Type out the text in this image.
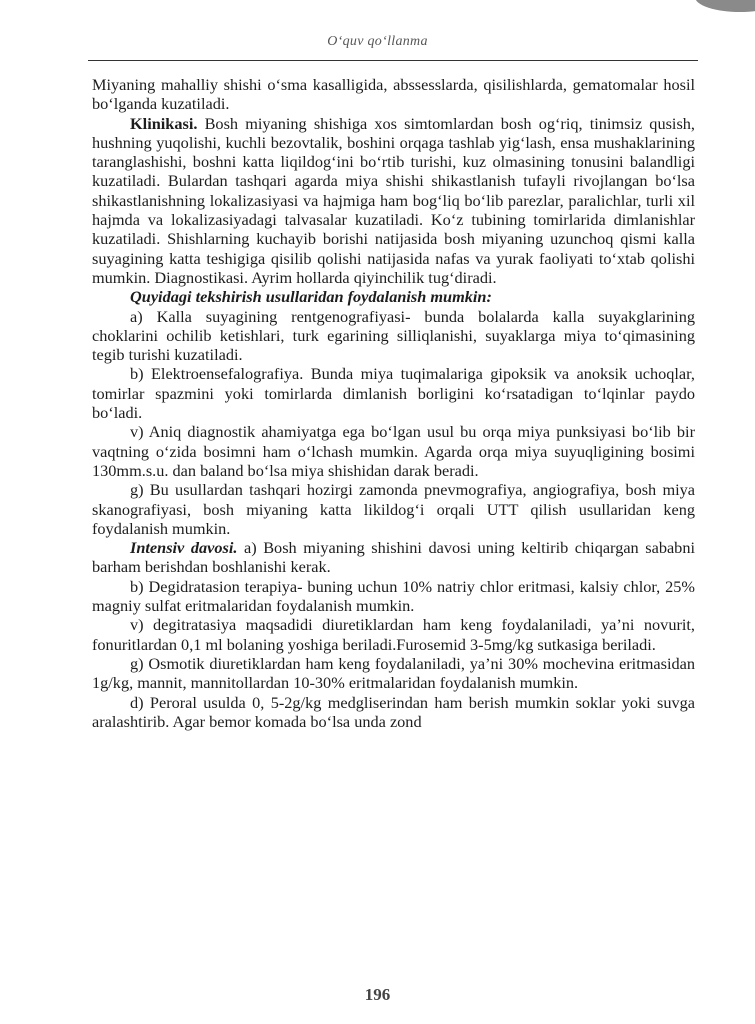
O‘quv qo‘llanma

Miyaning mahalliy shishi o‘sma kasalligida, abssesslarda, qisilishlarda, gematomalar hosil bo‘lganda kuzatiladi.

Klinikasi. Bosh miyaning shishiga xos simtomlardan bosh og‘riq, tinimsiz qusish, hushning yuqolishi, kuchli bezovtalik, boshini orqaga tashlab yig‘lash, ensa mushaklarining taranglashishi, boshni katta liqildog‘ini bo‘rtib turishi, kuz olmasining tonusini balandligi kuzatiladi. Bulardan tashqari agarda miya shishi shikastlanish tufayli rivojlangan bo‘lsa shikastlanishning lokalizasiyasi va hajmiga ham bog‘liq bo‘lib parezlar, paralichlar, turli xil hajmda va lokalizasiyadagi talvasalar kuzatiladi. Ko‘z tubining tomirlarida dimlanishlar kuzatiladi. Shishlarning kuchayib borishi natijasida bosh miyaning uzunchoq qismi kalla suyagining katta teshigiga qisilib qolishi natijasida nafas va yurak faoliyati to‘xtab qolishi mumkin. Diagnostikasi. Ayrim hollarda qiyinchilik tug‘diradi.

Quyidagi tekshirish usullaridan foydalanish mumkin:

a) Kalla suyagining rentgenografiyasi- bunda bolalarda kalla suyakglarining choklarini ochilib ketishlari, turk egarining silliqlanishi, suyaklarga miya to‘qimasining tegib turishi kuzatiladi.

b) Elektroensefalografiya. Bunda miya tuqimalariga gipoksik va anoksik uchoqlar, tomirlar spazmini yoki tomirlarda dimlanish borligini ko‘rsatadigan to‘lqinlar paydo bo‘ladi.

v) Aniq diagnostik ahamiyatga ega bo‘lgan usul bu orqa miya punksiyasi bo‘lib bir vaqtning o‘zida bosimni ham o‘lchash mumkin. Agarda orqa miya suyuqligining bosimi 130mm.s.u. dan baland bo‘lsa miya shishidan darak beradi.

g) Bu usullardan tashqari hozirgi zamonda pnevmografiya, angiografiya, bosh miya skanografiyasi, bosh miyaning katta likildog‘i orqali UTT qilish usullaridan keng foydalanish mumkin.

Intensiv davosi. a) Bosh miyaning shishini davosi uning keltirib chiqargan sababni barham berishdan boshlanishi kerak.

b) Degidratasion terapiya- buning uchun 10% natriy chlor eritmasi, kalsiy chlor, 25% magniy sulfat eritmalaridan foydalanish mumkin.

v) degitratasiya maqsadidi diuretiklardan ham keng foydalaniladi, ya’ni novurit, fonuritlardan 0,1 ml bolaning yoshiga beriladi.Furosemid 3-5mg/kg sutkasiga beriladi.

g) Osmotik diuretiklardan ham keng foydalaniladi, ya’ni 30% mochevina eritmasidan 1g/kg, mannit, mannitollardan 10-30% eritmalaridan foydalanish mumkin.

d) Peroral usulda 0, 5-2g/kg medgliserindan ham berish mumkin soklar yoki suvga aralashtirib. Agar bemor komada bo‘lsa unda zond

196
